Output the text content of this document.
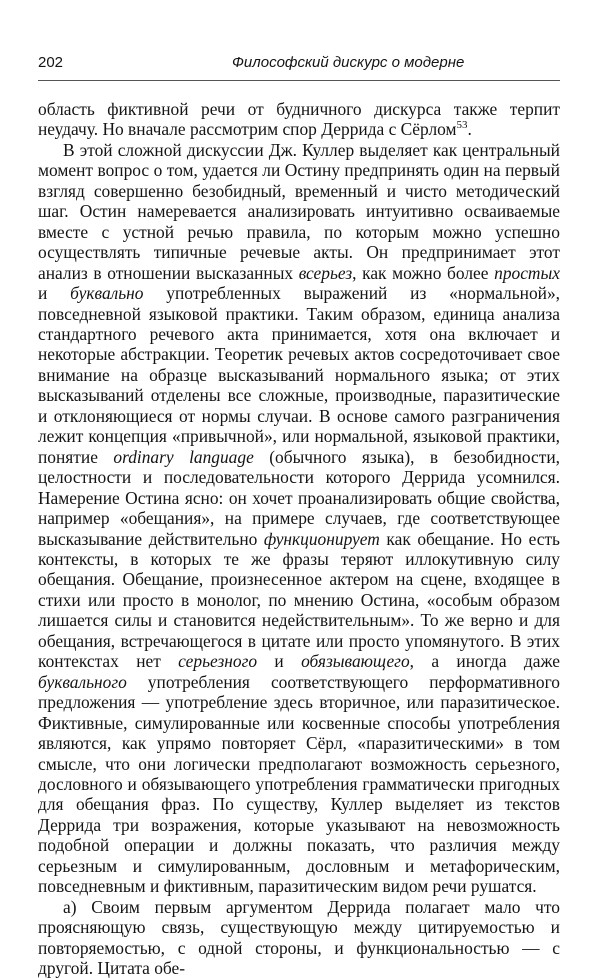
202	Философский дискурс о модерне

область фиктивной речи от будничного дискурса также терпит неудачу. Но вначале рассмотрим спор Деррида с Сёрлом$^{53}$.

В этой сложной дискуссии Дж. Куллер выделяет как центральный момент вопрос о том, удается ли Остину предпринять один на первый взгляд совершенно безобидный, временный и чисто методический шаг. Остин намеревается анализировать интуитивно осваиваемые вместе с устной речью правила, по которым можно успешно осуществлять типичные речевые акты. Он предпринимает этот анализ в отношении высказанных всерьез, как можно более простых и буквально употребленных выражений из «нормальной», повседневной языковой практики. Таким образом, единица анализа стандартного речевого акта принимается, хотя она включает и некоторые абстракции. Теоретик речевых актов сосредоточивает свое внимание на образце высказываний нормального языка; от этих высказываний отделены все сложные, производные, паразитические и отклоняющиеся от нормы случаи. В основе самого разграничения лежит концепция «привычной», или нормальной, языковой практики, понятие ordinary language (обычного языка), в безобидности, целостности и последовательности которого Деррида усомнился. Намерение Остина ясно: он хочет проанализировать общие свойства, например «обещания», на примере случаев, где соответствующее высказывание действительно функционирует как обещание. Но есть контексты, в которых те же фразы теряют иллокутивную силу обещания. Обещание, произнесенное актером на сцене, входящее в стихи или просто в монолог, по мнению Остина, «особым образом лишается силы и становится недействительным». То же верно и для обещания, встречающегося в цитате или просто упомянутого. В этих контекстах нет серьезного и обязывающего, а иногда даже буквального употребления соответствующего перформативного предложения — употребление здесь вторичное, или паразитическое. Фиктивные, симулированные или косвенные способы употребления являются, как упрямо повторяет Сёрл, «паразитическими» в том смысле, что они логически предполагают возможность серьезного, дословного и обязывающего употребления грамматически пригодных для обещания фраз. По существу, Куллер выделяет из текстов Деррида три возражения, которые указывают на невозможность подобной операции и должны показать, что различия между серьезным и симулированным, дословным и метафорическим, повседневным и фиктивным, паразитическим видом речи рушатся.

а) Своим первым аргументом Деррида полагает мало что проясняющую связь, существующую между цитируемостью и повторяемостью, с одной стороны, и функциональностью — с другой. Цитата обе-
